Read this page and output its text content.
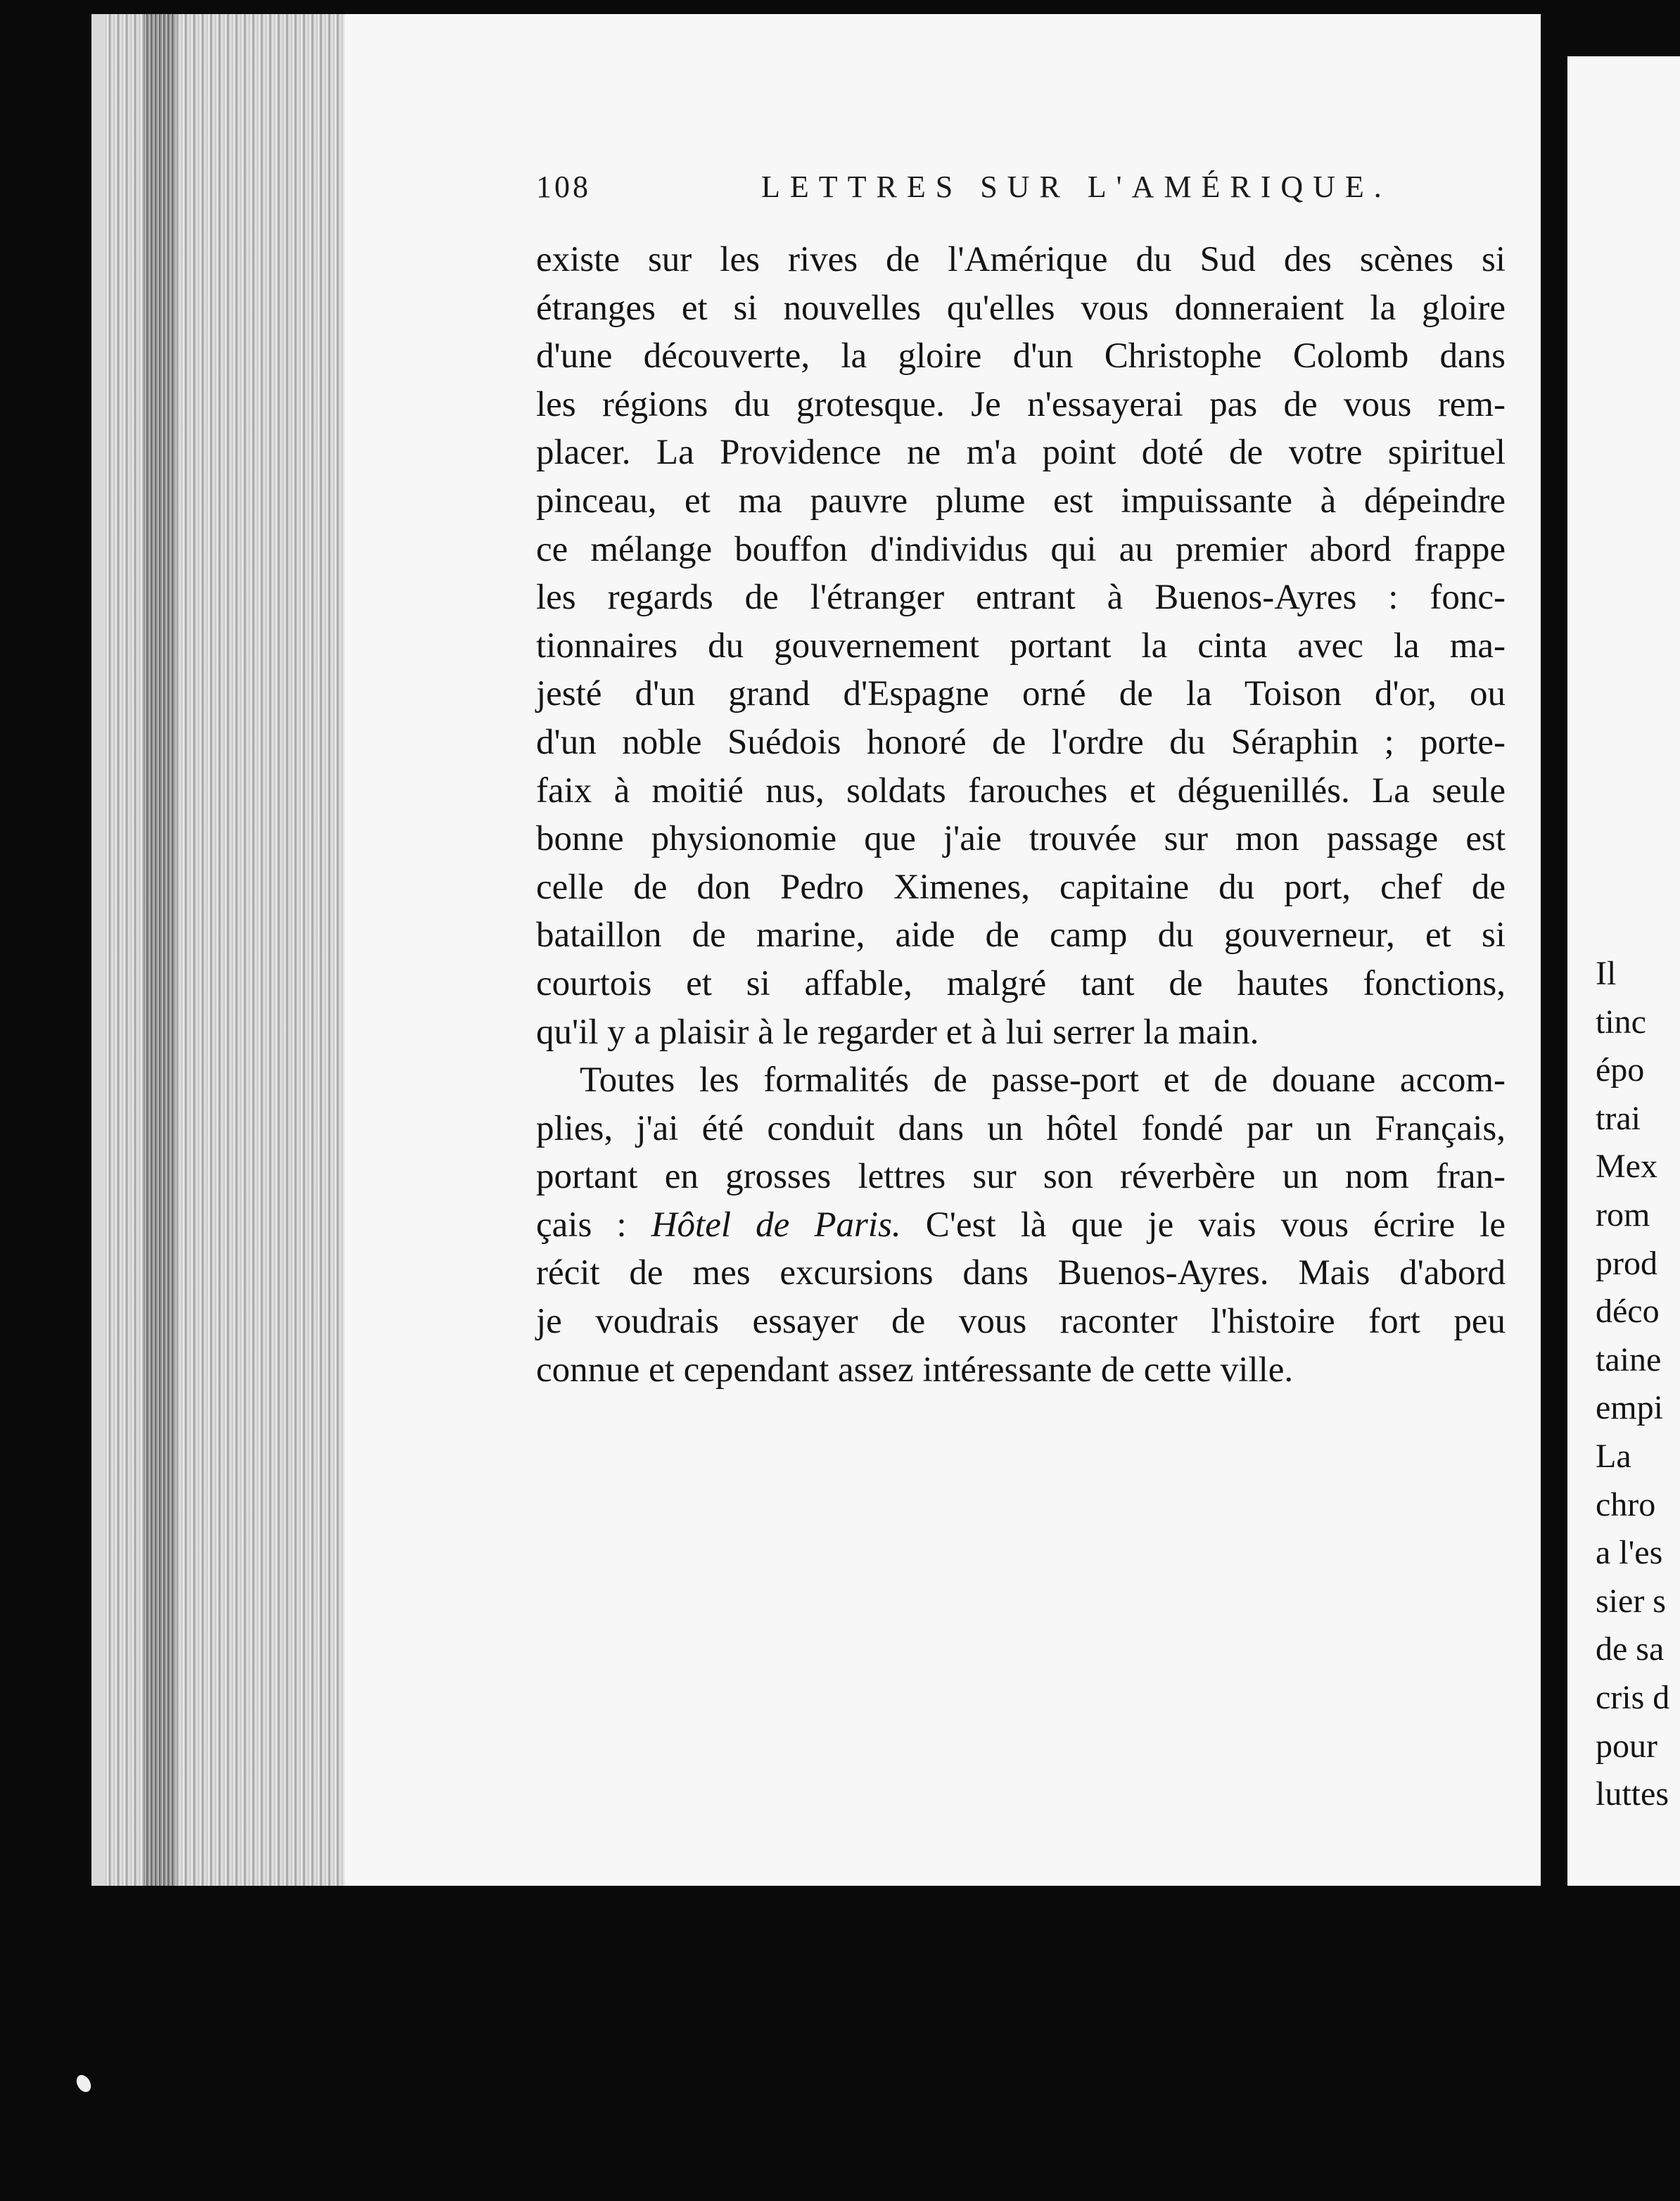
108	LETTRES SUR L'AMÉRIQUE.
existe sur les rives de l'Amérique du Sud des scènes si
étranges et si nouvelles qu'elles vous donneraient la gloire
d'une découverte, la gloire d'un Christophe Colomb dans
les régions du grotesque. Je n'essayerai pas de vous rem-
placer. La Providence ne m'a point doté de votre spirituel
pinceau, et ma pauvre plume est impuissante à dépeindre
ce mélange bouffon d'individus qui au premier abord frappe
les regards de l'étranger entrant à Buenos-Ayres : fonc-
tionnaires du gouvernement portant la cinta avec la ma-
jesté d'un grand d'Espagne orné de la Toison d'or, ou
d'un noble Suédois honoré de l'ordre du Séraphin ; porte-
faix à moitié nus, soldats farouches et déguenillés. La seule
bonne physionomie que j'aie trouvée sur mon passage est
celle de don Pedro Ximenes, capitaine du port, chef de
bataillon de marine, aide de camp du gouverneur, et si
courtois et si affable, malgré tant de hautes fonctions,
qu'il y a plaisir à le regarder et à lui serrer la main.
Toutes les formalités de passe-port et de douane accom-
plies, j'ai été conduit dans un hôtel fondé par un Français,
portant en grosses lettres sur son réverbère un nom fran-
çais : Hôtel de Paris. C'est là que je vais vous écrire le
récit de mes excursions dans Buenos-Ayres. Mais d'abord
je voudrais essayer de vous raconter l'histoire fort peu
connue et cependant assez intéressante de cette ville.
Il
tinc
épo
trai
Mex
rom
prod
déco
taine
empi
La
chro
a l'es
sier s
de sa
cris d
pour
luttes
